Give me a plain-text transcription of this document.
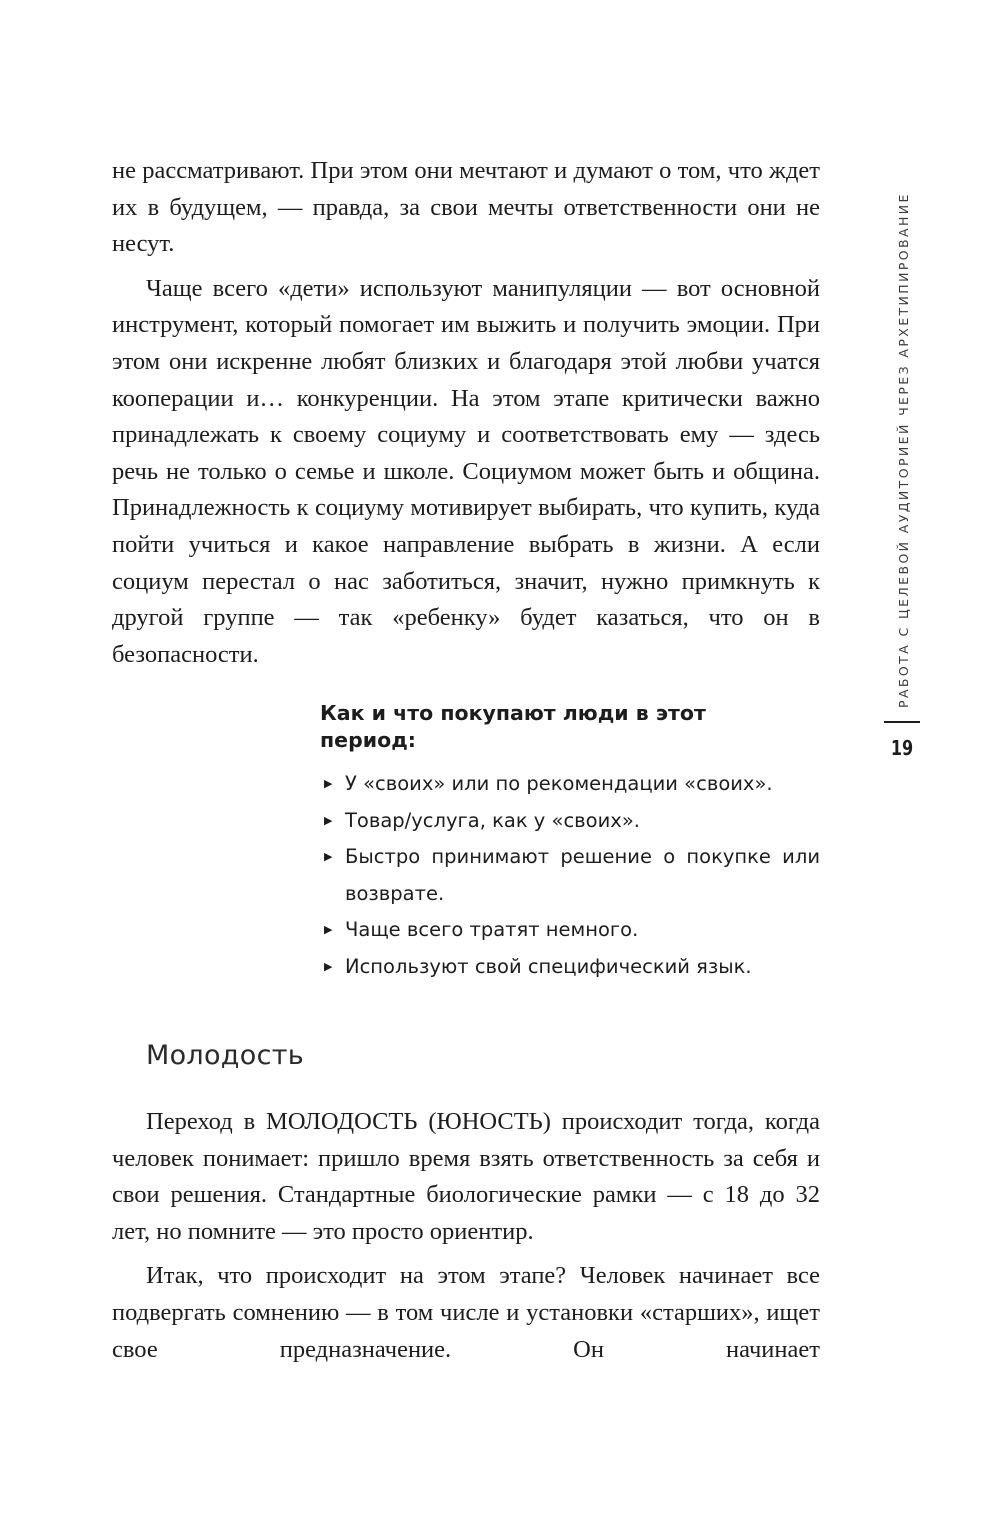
не рассматривают. При этом они мечтают и думают о том, что ждет их в будущем, — правда, за свои мечты ответственности они не несут.

Чаще всего «дети» используют манипуляции — вот основной инструмент, который помогает им выжить и получить эмоции. При этом они искренне любят близких и благодаря этой любви учатся кооперации и… конкуренции. На этом этапе критически важно принадлежать к своему социуму и соответствовать ему — здесь речь не только о семье и школе. Социумом может быть и община. Принадлежность к социуму мотивирует выбирать, что купить, куда пойти учиться и какое направление выбрать в жизни. А если социум перестал о нас заботиться, значит, нужно примкнуть к другой группе — так «ребенку» будет казаться, что он в безопасности.

Как и что покупают люди в этот период:
▶ У «своих» или по рекомендации «своих».
▶ Товар/услуга, как у «своих».
▶ Быстро принимают решение о покупке или возврате.
▶ Чаще всего тратят немного.
▶ Используют свой специфический язык.
Молодость

Переход в МОЛОДОСТЬ (ЮНОСТЬ) происходит тогда, когда человек понимает: пришло время взять ответственность за себя и свои решения. Стандартные биологические рамки — с 18 до 32 лет, но помните — это просто ориентир.

Итак, что происходит на этом этапе? Человек начинает все подвергать сомнению — в том числе и установки «старших», ищет свое предназначение. Он начинает

РАБОТА С ЦЕЛЕВОЙ АУДИТОРИЕЙ ЧЕРЕЗ АРХЕТИПИРОВАНИЕ
19
